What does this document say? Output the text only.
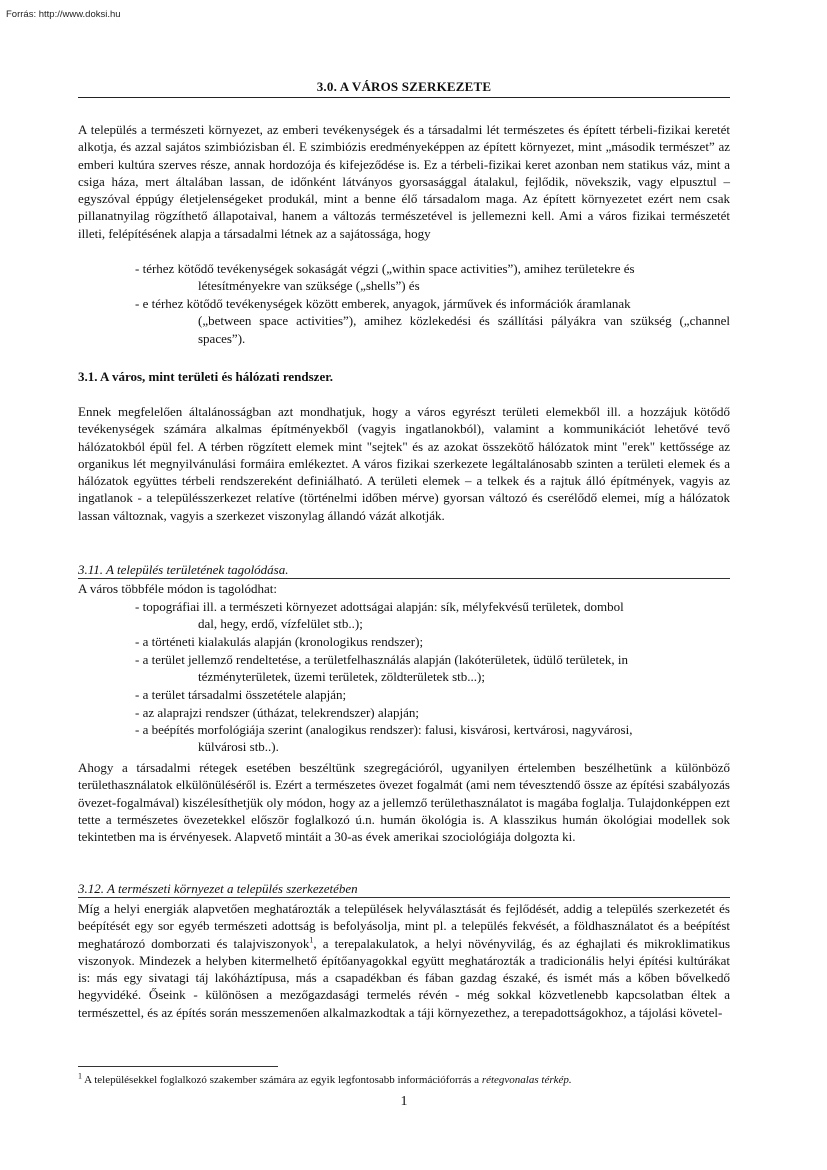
Forrás: http://www.doksi.hu
3.0. A VÁROS SZERKEZETE

A település a természeti környezet, az emberi tevékenységek és a társadalmi lét természetes és épített térbeli-fizikai keretét alkotja, és azzal sajátos szimbiózisban él. E szimbiózis eredményeképpen az épített környezet, mint „második természet” az emberi kultúra szerves része, annak hordozója és kifejeződése is. Ez a térbeli-fizikai keret azonban nem statikus váz, mint a csiga háza, mert általában lassan, de időnként látványos gyorsasággal átalakul, fejlődik, növekszik, vagy elpusztul – egyszóval éppúgy életjelenségeket produkál, mint a benne élő társadalom maga. Az épített környezetet ezért nem csak pillanatnyilag rögzíthető állapotaival, hanem a változás természetével is jellemezni kell. Ami a város fizikai természetét illeti, felépítésének alapja a társadalmi létnek az a sajátossága, hogy

- térhez kötődő tevékenységek sokaságát végzi („within space activities”), amihez területekre és
létesítményekre van szüksége („shells”) és
- e térhez kötődő tevékenységek között emberek, anyagok, járművek és információk áramlanak
(„between space activities”), amihez közlekedési és szállítási pályákra van szükség („channel spaces”).
3.1. A város, mint területi és hálózati rendszer.

Ennek megfelelően általánosságban azt mondhatjuk, hogy a város egyrészt területi elemekből ill. a hozzájuk kötődő tevékenységek számára alkalmas építményekből (vagyis ingatlanokból), valamint a kommunikációt lehetővé tevő hálózatokból épül fel. A térben rögzített elemek mint "sejtek" és az azokat összekötő hálózatok mint "erek" kettőssége az organikus lét megnyilvánulási formáira emlékeztet. A város fizikai szerkezete legáltalánosabb szinten a területi elemek és a hálózatok együttes térbeli rendszereként definiálható. A területi elemek – a telkek és a rajtuk álló építmények, vagyis az ingatlanok - a településszerkezet relatíve (történelmi időben mérve) gyorsan változó és cserélődő elemei, míg a hálózatok lassan változnak, vagyis a szerkezet viszonylag állandó vázát alkotják.

3.11. A település területének tagolódása.

A város többféle módon is tagolódhat:

- topográfiai ill. a természeti környezet adottságai alapján: sík, mélyfekvésű területek, dombol
dal, hegy, erdő, vízfelület stb..);
- a történeti kialakulás alapján (kronologikus rendszer);
- a terület jellemző rendeltetése, a területfelhasználás alapján (lakóterületek, üdülő területek, in
tézményterületek, üzemi területek, zöldterületek stb...);
- a terület társadalmi összetétele alapján;
- az alaprajzi rendszer (útházat, telekrendszer) alapján;
- a beépítés morfológiája szerint (analogikus rendszer): falusi, kisvárosi, kertvárosi, nagyvárosi,
külvárosi stb..).

Ahogy a társadalmi rétegek esetében beszéltünk szegregációról, ugyanilyen értelemben beszélhetünk a különböző területhasználatok elkülönüléséről is. Ezért a természetes övezet fogalmát (ami nem tévesztendő össze az építési szabályozás övezet-fogalmával) kiszélesíthetjük oly módon, hogy az a jellemző területhasználatot is magába foglalja. Tulajdonképpen ezt tette a természetes övezetekkel először foglalkozó ú.n. humán ökológia is. A klasszikus humán ökológiai modellek sok tekintetben ma is érvényesek. Alapvető mintáit a 30-as évek amerikai szociológiája dolgozta ki.

3.12. A természeti környezet a település szerkezetében

Míg a helyi energiák alapvetően meghatározták a települések helyválasztását és fejlődését, addig a település szerkezetét és beépítését egy sor egyéb természeti adottság is befolyásolja, mint pl. a település fekvését, a földhasználatot és a beépítést meghatározó domborzati és talajviszonyok$^1$, a terepalakulatok, a helyi növényvilág, és az éghajlati és mikroklimatikus viszonyok. Mindezek a helyben kitermelhető építőanyagokkal együtt meghatározták a tradicionális helyi építési kultúrákat is: más egy sivatagi táj lakóháztípusa, más a csapadékban és fában gazdag északé, és ismét más a kőben bővelkedő hegyvidéké. Őseink - különösen a mezőgazdasági termelés révén - még sokkal közvetlenebb kapcsolatban éltek a természettel, és az építés során messzemenően alkalmazkodtak a táji környezethez, a terepadottságokhoz, a tájolási követel-

$^1$ A településekkel foglalkozó szakember számára az egyik legfontosabb információforrás a rétegvonalas térkép.
1
